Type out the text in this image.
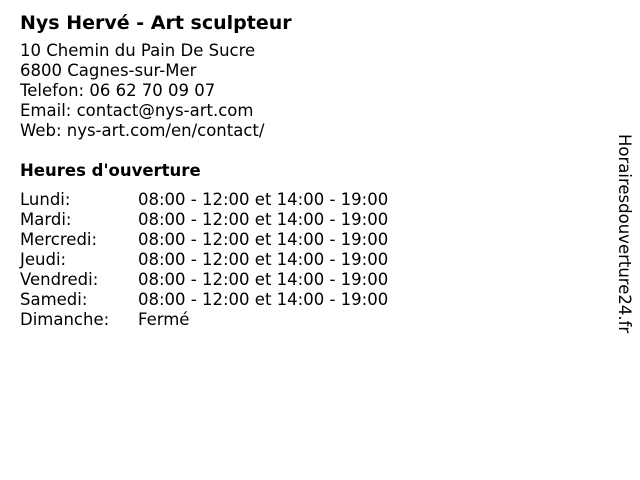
Nys Hervé - Art sculpteur
10 Chemin du Pain De Sucre
6800 Cagnes-sur-Mer
Telefon: 06 62 70 09 07
Email: contact@nys-art.com
Web: nys-art.com/en/contact/
Heures d'ouverture
Lundi:	08:00 - 12:00 et 14:00 - 19:00
Mardi:	08:00 - 12:00 et 14:00 - 19:00
Mercredi:	08:00 - 12:00 et 14:00 - 19:00
Jeudi:	08:00 - 12:00 et 14:00 - 19:00
Vendredi:	08:00 - 12:00 et 14:00 - 19:00
Samedi:	08:00 - 12:00 et 14:00 - 19:00
Dimanche:	Fermé	Horairesdouverture24.fr
